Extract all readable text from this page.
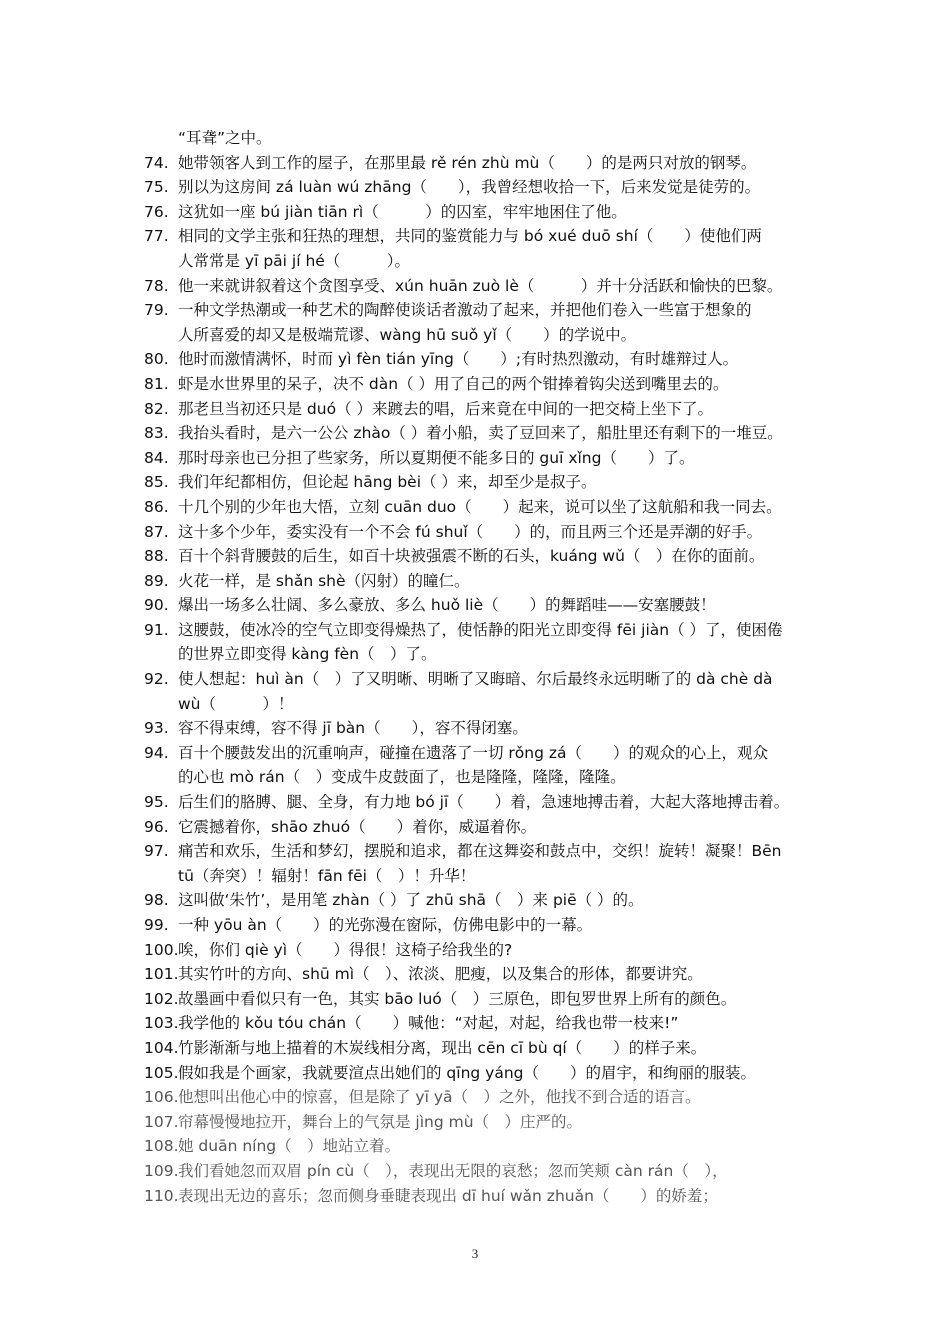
“耳聋”之中。
74. 她带领客人到工作的屋子，在那里最 rě rén zhù mù（　　）的是两只对放的钢琴。
75. 别以为这房间 zá luàn wú zhāng（　　），我曾经想收拾一下，后来发觉是徒劳的。
76. 这犹如一座 bú jiàn tiān rì（　　　）的囚室，牢牢地困住了他。
77. 相同的文学主张和狂热的理想，共同的鉴赏能力与 bó xué duō shí（　　）使他们两
人常常是 yī pāi jí hé（　　　）。
78. 他一来就讲叙着这个贪图享受、xún huān zuò lè（　　　）并十分活跃和愉快的巴黎。
79. 一种文学热潮或一种艺术的陶醉使谈话者激动了起来，并把他们卷入一些富于想象的
人所喜爱的却又是极端荒谬、wàng hū suǒ yǐ（　　）的学说中。
80. 他时而激情满怀，时而 yì fèn tián yīng（　　）;有时热烈激动，有时雄辩过人。
81. 虾是水世界里的呆子，决不 dàn（ ）用了自己的两个钳捧着钩尖送到嘴里去的。
82. 那老旦当初还只是 duó（ ）来踱去的唱，后来竟在中间的一把交椅上坐下了。
83. 我抬头看时，是六一公公 zhào（ ）着小船，卖了豆回来了，船肚里还有剩下的一堆豆。
84. 那时母亲也已分担了些家务，所以夏期便不能多日的 guī xǐng（　　）了。
85. 我们年纪都相仿，但论起 hāng bèi（ ）来，却至少是叔子。
86. 十几个别的少年也大悟，立刻 cuān duo（　　）起来，说可以坐了这航船和我一同去。
87. 这十多个少年，委实没有一个不会 fú shuǐ（　　）的，而且两三个还是弄潮的好手。
88. 百十个斜背腰鼓的后生，如百十块被强震不断的石头，kuáng wǔ（　）在你的面前。
89. 火花一样，是 shǎn shè（闪射）的瞳仁。
90. 爆出一场多么壮阔、多么豪放、多么 huǒ liè（　　）的舞蹈哇——安塞腰鼓！
91. 这腰鼓，使冰冷的空气立即变得燥热了，使恬静的阳光立即变得 fēi jiàn（ ）了，使困倦
的世界立即变得 kàng fèn（　）了。
92. 使人想起：huì àn（　）了又明晰、明晰了又晦暗、尔后最终永远明晰了的 dà chè dà
wù（　　　）！
93. 容不得束缚，容不得 jī bàn（　　），容不得闭塞。
94. 百十个腰鼓发出的沉重响声，碰撞在遗落了一切 rǒng zá（　　）的观众的心上，观众
的心也 mò rán（　）变成牛皮鼓面了，也是隆隆，隆隆，隆隆。
95. 后生们的胳膊、腿、全身，有力地 bó jī（　　）着，急速地搏击着，大起大落地搏击着。
96. 它震撼着你，shāo zhuó（　　）着你，威逼着你。
97. 痛苦和欢乐，生活和梦幻，摆脱和追求，都在这舞姿和鼓点中，交织！旋转！凝聚！Bēn
tū（奔突）！辐射！fān fēi（　）！升华！
98. 这叫做‘朱竹’，是用笔 zhàn（ ）了 zhū shā（　）来 piē（ ）的。
99. 一种 yōu àn（　　）的光弥漫在窗际，仿佛电影中的一幕。
100.唉，你们 qiè yì（　　）得很！这椅子给我坐的?
101.其实竹叶的方向、shū mì（　）、浓淡、肥瘦，以及集合的形体，都要讲究。
102.故墨画中看似只有一色，其实 bāo luó（　）三原色，即包罗世界上所有的颜色。
103.我学他的 kǒu tóu chán（　　）喊他：“对起，对起，给我也带一枝来!”
104.竹影渐渐与地上描着的木炭线相分离，现出 cēn cī bù qí（　　）的样子来。
105.假如我是个画家，我就要渲点出她们的 qīng yáng（　　）的眉宇，和绚丽的服装。
106.他想叫出他心中的惊喜，但是除了 yī yā（　）之外，他找不到合适的语言。
107.帘幕慢慢地拉开，舞台上的气氛是 jìng mù（　）庄严的。
108.她 duān níng（　）地站立着。
109.我们看她忽而双眉 pín cù（　），表现出无限的哀愁；忽而笑颊 càn rán（　），
110.表现出无边的喜乐；忽而侧身垂睫表现出 dī huí wǎn zhuǎn（　　）的娇羞；
3
